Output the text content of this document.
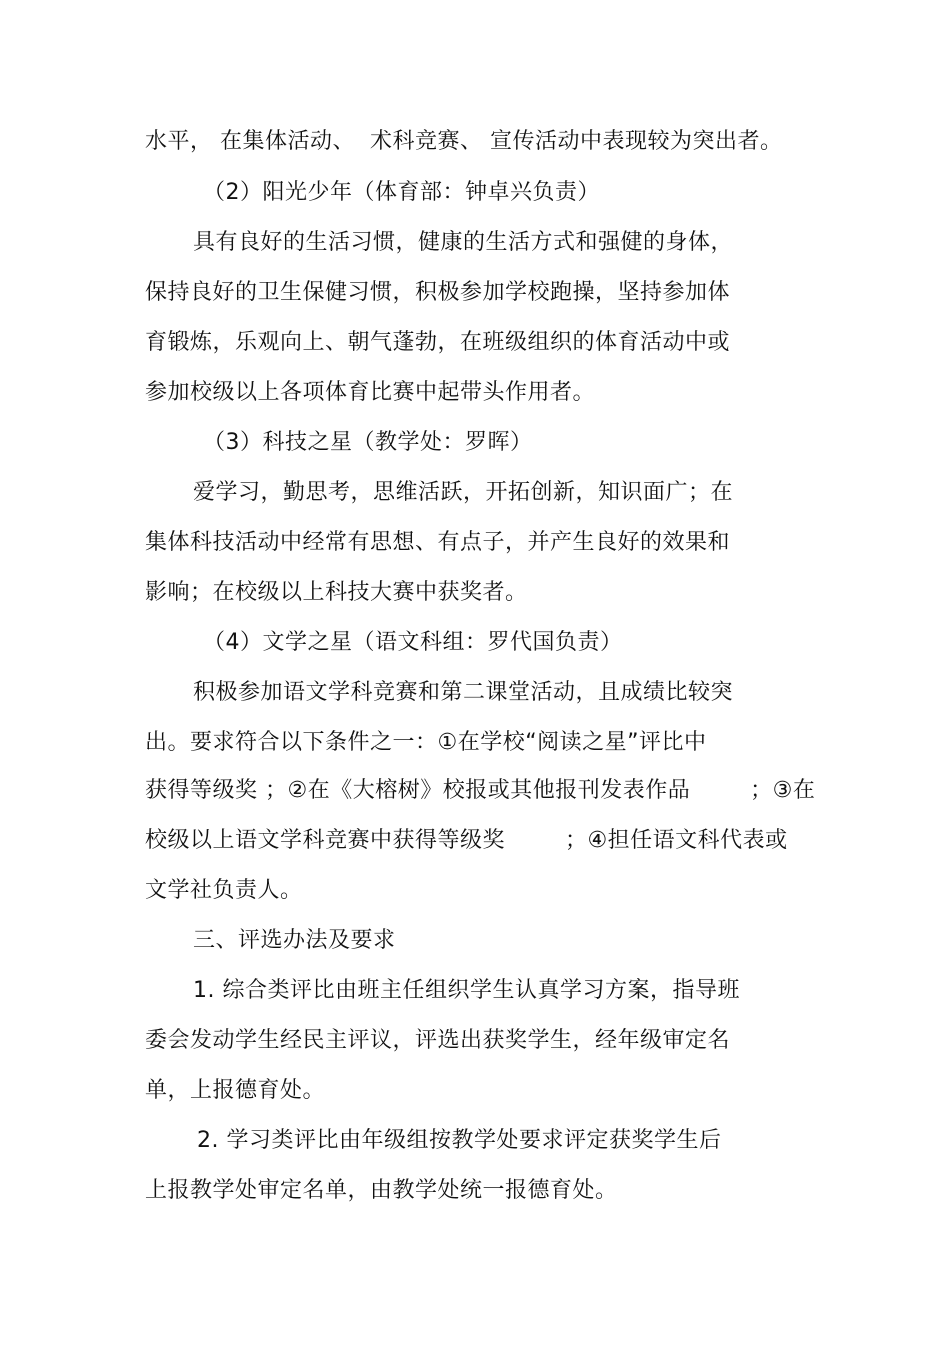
水平， 在集体活动、  术科竞赛、 宣传活动中表现较为突出者。
（2）阳光少年（体育部：钟卓兴负责）
具有良好的生活习惯，健康的生活方式和强健的身体，
保持良好的卫生保健习惯，积极参加学校跑操，坚持参加体
育锻炼，乐观向上、朝气蓬勃，在班级组织的体育活动中或
参加校级以上各项体育比赛中起带头作用者。
（3）科技之星（教学处：罗晖）
爱学习，勤思考，思维活跃，开拓创新，知识面广；在
集体科技活动中经常有思想、有点子，并产生良好的效果和
影响；在校级以上科技大赛中获奖者。
（4）文学之星（语文科组：罗代国负责）
积极参加语文学科竞赛和第二课堂活动，且成绩比较突
出。要求符合以下条件之一：①在学校“阅读之星”评比中
获得等级奖 ；②在《大榕树》校报或其他报刊发表作品        ；③在
校级以上语文学科竞赛中获得等级奖        ；④担任语文科代表或
文学社负责人。
三、评选办法及要求
1. 综合类评比由班主任组织学生认真学习方案，指导班
委会发动学生经民主评议，评选出获奖学生，经年级审定名
单，上报德育处。
2. 学习类评比由年级组按教学处要求评定获奖学生后
上报教学处审定名单，由教学处统一报德育处。
